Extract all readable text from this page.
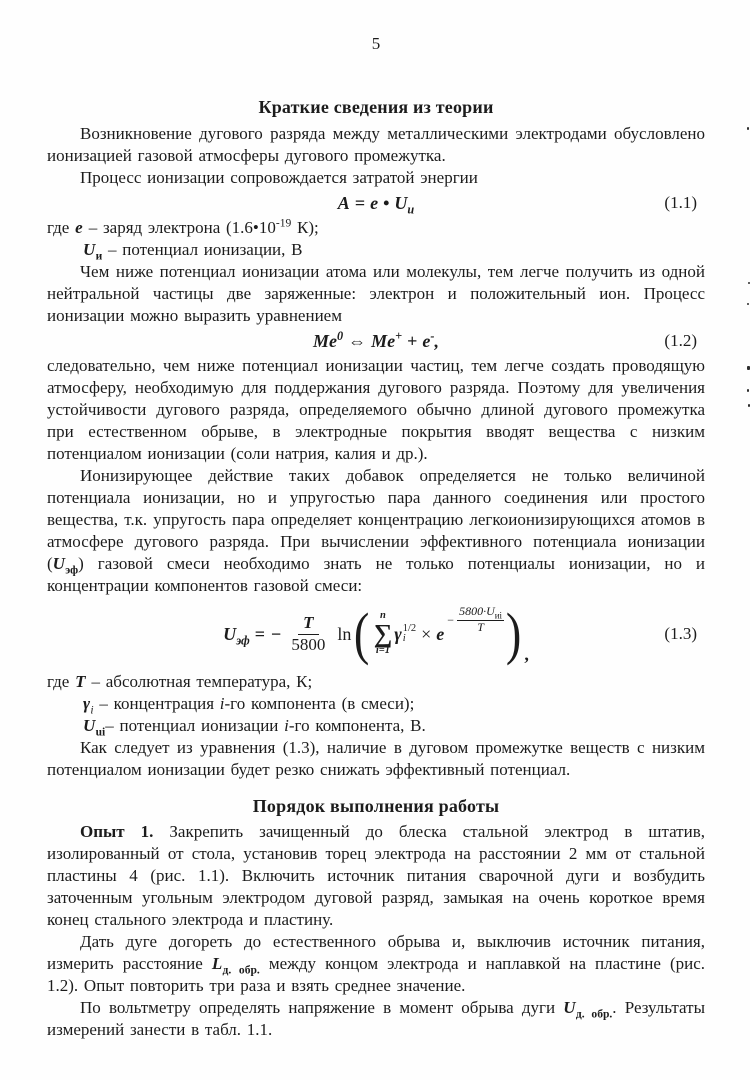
5
Краткие сведения из теории

Возникновение дугового разряда между металлическими электродами обусловлено ионизацией газовой атмосферы дугового промежутка.

Процесс ионизации сопровождается затратой энергии

A = e • $U_и$	(1.1)

где e – заряд электрона ($1.6•10^{-19}$ К);

$U_и$ – потенциал ионизации, В

Чем ниже потенциал ионизации атома или молекулы, тем легче получить из одной нейтральной частицы две заряженные: электрон и положительный ион. Процесс ионизации можно выразить уравнением

Me$^0$ ⇔ Me+ + e- ,	(1.2)

следовательно, чем ниже потенциал ионизации частиц, тем легче создать проводящую атмосферу, необходимую для поддержания дугового разряда. Поэтому для увеличения устойчивости дугового разряда, определяемого обычно длиной дугового промежутка при естественном обрыве, в электродные покрытия вводят вещества с низким потенциалом ионизации (соли натрия, калия и др.).

Ионизирующее действие таких добавок определяется не только величиной потенциала ионизации, но и упругостью пара данного соединения или простого вещества, т.к. упругость пара определяет концентрацию легкоионизирующихся атомов в атмосфере дугового разряда. При вычислении эффективного потенциала ионизации $(U_{эф})$ газовой смеси необходимо знать не только потенциалы ионизации, но и концентрации компонентов газовой смеси:

$U_{эф}$ = − $\frac{T}{5800}$ ln ( n
∑
i=1
γ 1/2
i × e
− $\frac{5800\cdot U_{иi}}{T}$ ) ,
(1.3)

где T – абсолютная температура, К;

$\gamma_i$ – концентрация i-го компонента (в смеси);

$U_{ui}-$ потенциал ионизации i-го компонента, В.

Как следует из уравнения (1.3), наличие в дуговом промежутке веществ с низким потенциалом ионизации будет резко снижать эффективный потенциал.

Порядок выполнения работы

Опыт 1. Закрепить зачищенный до блеска стальной электрод в штатив, изолированный от стола, установив торец электрода на расстоянии 2 мм от стальной пластины 4 (рис. 1.1). Включить источник питания сварочной дуги и возбудить заточенным угольным электродом дуговой разряд, замыкая на очень короткое время конец стального электрода и пластину.

Дать дуге догореть до естественного обрыва и, выключив источник питания, измерить расстояние $L_{д. обр.}$ между концом электрода и наплавкой на пластине (рис. 1.2). Опыт повторить три раза и взять среднее значение.

По вольтметру определять напряжение в момент обрыва дуги $U_{д. обр.}$. Результаты измерений занести в табл. 1.1.
